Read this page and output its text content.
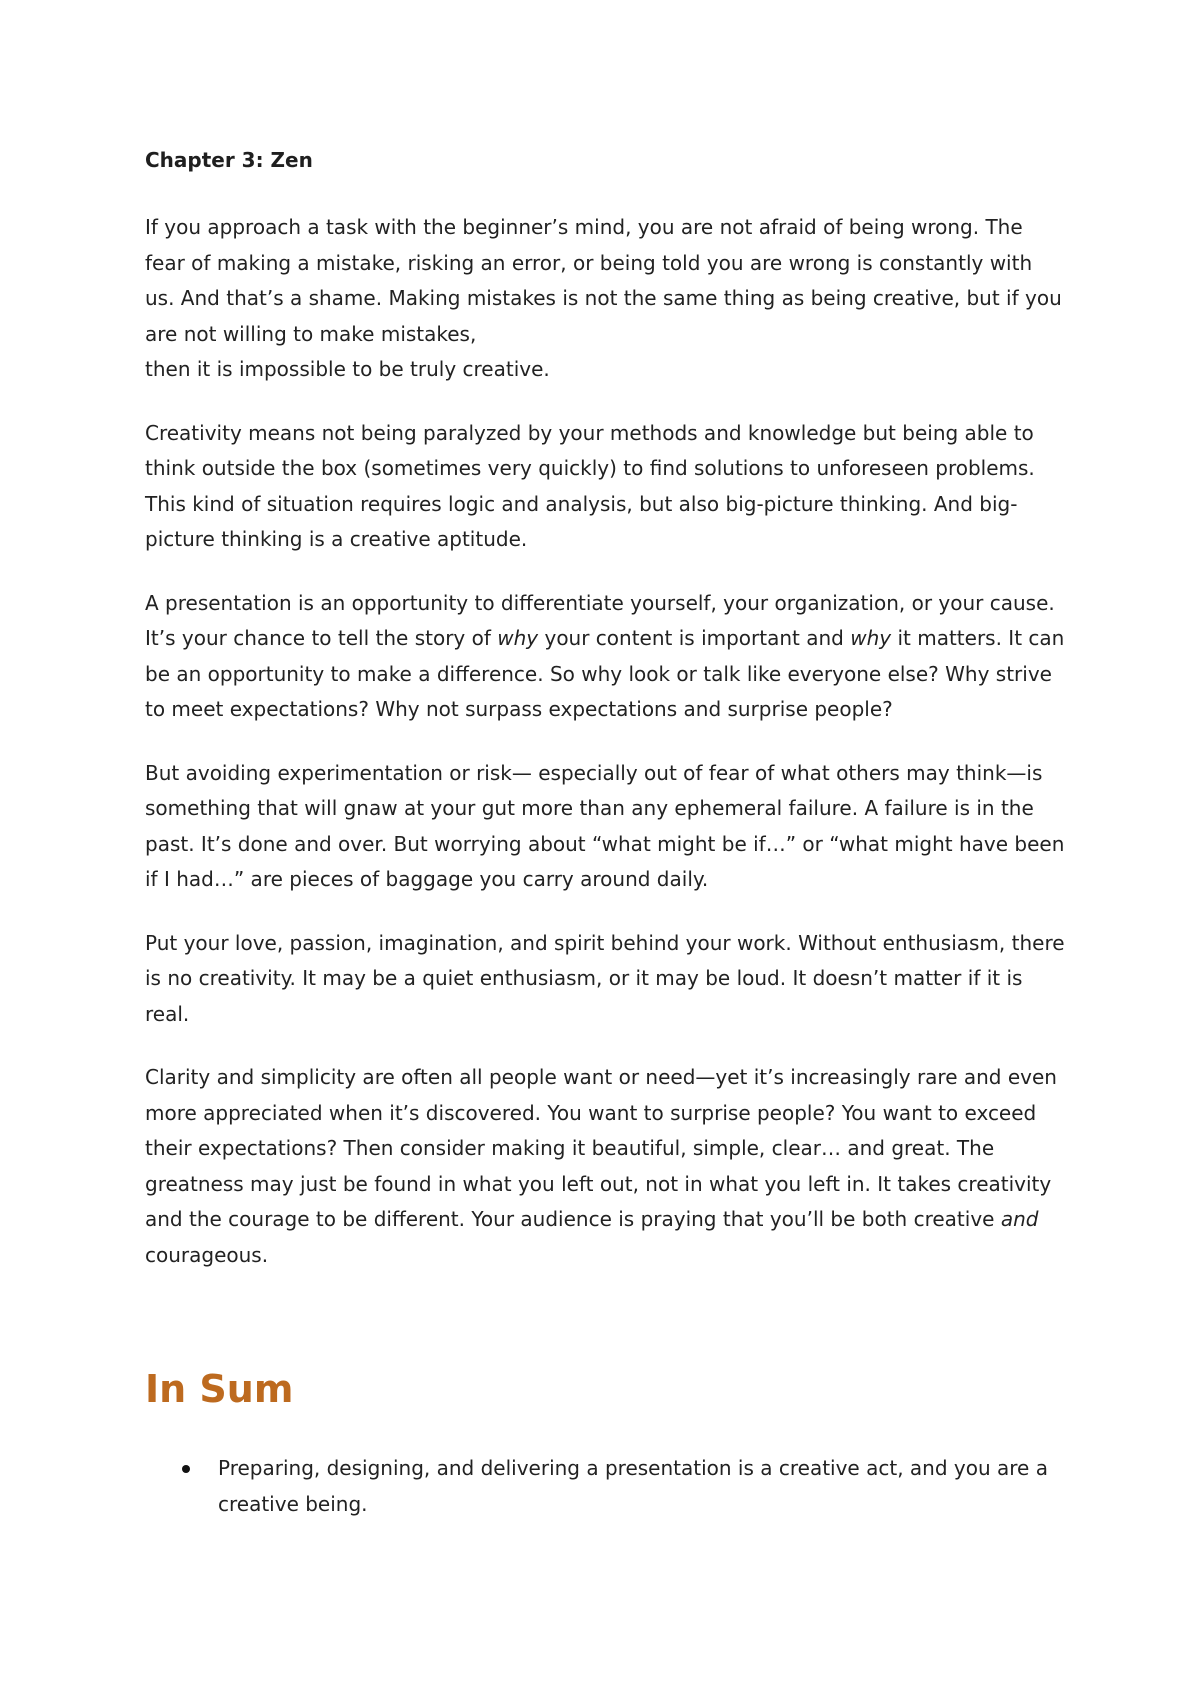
Chapter 3: Zen

If you approach a task with the beginner’s mind, you are not afraid of being wrong. The fear of making a mistake, risking an error, or being told you are wrong is constantly with us. And that’s a shame. Making mistakes is not the same thing as being creative, but if you are not willing to make mistakes,
then it is impossible to be truly creative.

Creativity means not being paralyzed by your methods and knowledge but being able to think outside the box (sometimes very quickly) to find solutions to unforeseen problems. This kind of situation requires logic and analysis, but also big-picture thinking. And big-picture thinking is a creative aptitude.

A presentation is an opportunity to differentiate yourself, your organization, or your cause. It’s your chance to tell the story of why your content is important and why it matters. It can be an opportunity to make a difference. So why look or talk like everyone else? Why strive to meet expectations? Why not surpass expectations and surprise people?

But avoiding experimentation or risk— especially out of fear of what others may think—is something that will gnaw at your gut more than any ephemeral failure. A failure is in the past. It’s done and over. But worrying about “what might be if…” or “what might have been if I had…” are pieces of baggage you carry around daily.

Put your love, passion, imagination, and spirit behind your work. Without enthusiasm, there is no creativity. It may be a quiet enthusiasm, or it may be loud. It doesn’t matter if it is real.

Clarity and simplicity are often all people want or need—yet it’s increasingly rare and even more appreciated when it’s discovered. You want to surprise people? You want to exceed their expectations? Then consider making it beautiful, simple, clear… and great. The greatness may just be found in what you left out, not in what you left in. It takes creativity and the courage to be different. Your audience is praying that you’ll be both creative and courageous.

In Sum
Preparing, designing, and delivering a presentation is a creative act, and you are a creative being.
